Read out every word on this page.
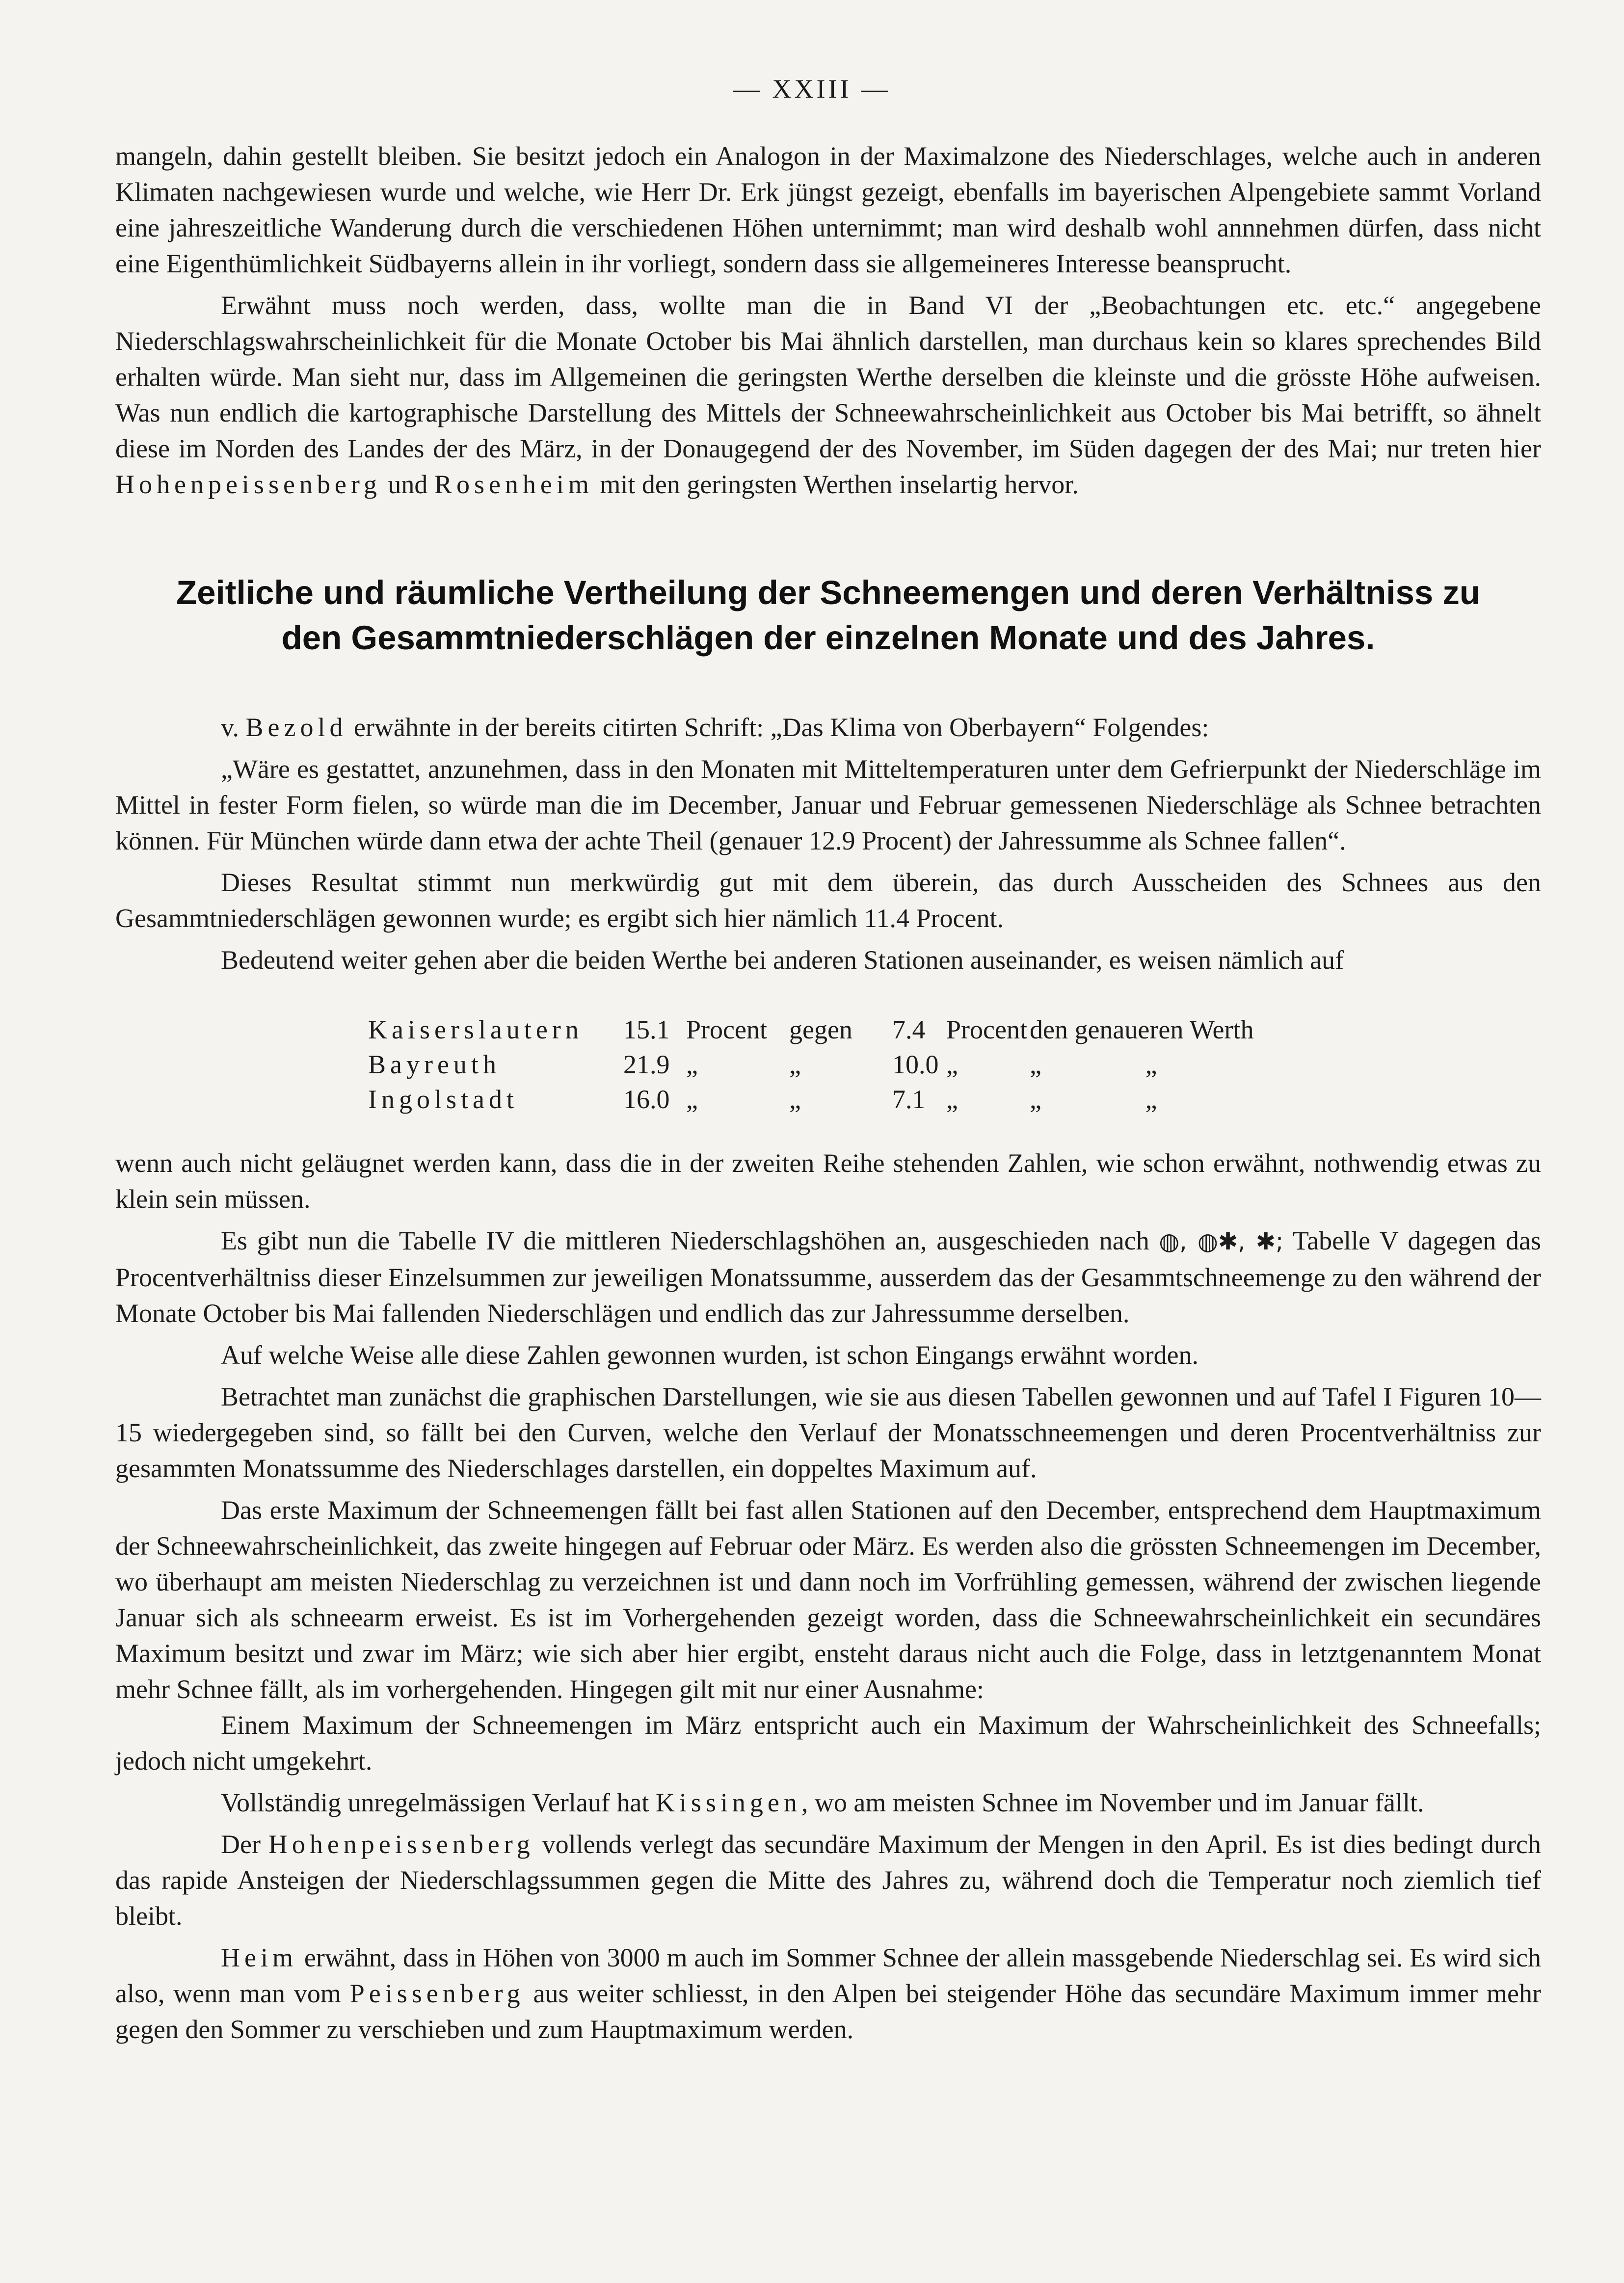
— XXIII —

mangeln, dahin gestellt bleiben. Sie besitzt jedoch ein Analogon in der Maximalzone des Niederschlages, welche auch in anderen Klimaten nachgewiesen wurde und welche, wie Herr Dr. Erk jüngst gezeigt, ebenfalls im bayerischen Alpengebiete sammt Vorland eine jahreszeitliche Wanderung durch die verschiedenen Höhen unternimmt; man wird deshalb wohl annnehmen dürfen, dass nicht eine Eigenthümlichkeit Südbayerns allein in ihr vorliegt, sondern dass sie allgemeineres Interesse beansprucht.

Erwähnt muss noch werden, dass, wollte man die in Band VI der „Beobachtungen etc. etc.“ angegebene Niederschlagswahrscheinlichkeit für die Monate October bis Mai ähnlich darstellen, man durchaus kein so klares sprechendes Bild erhalten würde. Man sieht nur, dass im Allgemeinen die geringsten Werthe derselben die kleinste und die grösste Höhe aufweisen. Was nun endlich die kartographische Darstellung des Mittels der Schneewahrscheinlichkeit aus October bis Mai betrifft, so ähnelt diese im Norden des Landes der des März, in der Donaugegend der des November, im Süden dagegen der des Mai; nur treten hier Hohenpeissenberg und Rosenheim mit den geringsten Werthen inselartig hervor.

Zeitliche und räumliche Vertheilung der Schneemengen und deren Verhältniss zu
den Gesammtniederschlägen der einzelnen Monate und des Jahres.

v. Bezold erwähnte in der bereits citirten Schrift: „Das Klima von Oberbayern“ Folgendes:

„Wäre es gestattet, anzunehmen, dass in den Monaten mit Mitteltemperaturen unter dem Gefrierpunkt der Niederschläge im Mittel in fester Form fielen, so würde man die im December, Januar und Februar gemessenen Niederschläge als Schnee betrachten können. Für München würde dann etwa der achte Theil (genauer 12.9 Procent) der Jahressumme als Schnee fallen“.

Dieses Resultat stimmt nun merkwürdig gut mit dem überein, das durch Ausscheiden des Schnees aus den Gesammtniederschlägen gewonnen wurde; es ergibt sich hier nämlich 11.4 Procent.

Bedeutend weiter gehen aber die beiden Werthe bei anderen Stationen auseinander, es weisen nämlich auf

Kaiserslautern	15.1	Procent	gegen	7.4	Procent	den genaueren Werth	
Bayreuth	21.9	„	„	10.0	„	„	„
Ingolstadt	16.0	„	„	7.1	„	„	„

wenn auch nicht geläugnet werden kann, dass die in der zweiten Reihe stehenden Zahlen, wie schon erwähnt, nothwendig etwas zu klein sein müssen.

Es gibt nun die Tabelle IV die mittleren Niederschlagshöhen an, ausgeschieden nach ◍, ◍✱, ✱; Tabelle V dagegen das Procentverhältniss dieser Einzelsummen zur jeweiligen Monatssumme, ausserdem das der Gesammtschneemenge zu den während der Monate October bis Mai fallenden Niederschlägen und endlich das zur Jahressumme derselben.

Auf welche Weise alle diese Zahlen gewonnen wurden, ist schon Eingangs erwähnt worden.

Betrachtet man zunächst die graphischen Darstellungen, wie sie aus diesen Tabellen gewonnen und auf Tafel I Figuren 10—15 wiedergegeben sind, so fällt bei den Curven, welche den Verlauf der Monatsschneemengen und deren Procentverhältniss zur gesammten Monatssumme des Niederschlages darstellen, ein doppeltes Maximum auf.

Das erste Maximum der Schneemengen fällt bei fast allen Stationen auf den December, entsprechend dem Hauptmaximum der Schneewahrscheinlichkeit, das zweite hingegen auf Februar oder März. Es werden also die grössten Schneemengen im December, wo überhaupt am meisten Niederschlag zu verzeichnen ist und dann noch im Vorfrühling gemessen, während der zwischen liegende Januar sich als schneearm erweist. Es ist im Vorhergehenden gezeigt worden, dass die Schneewahrscheinlichkeit ein secundäres Maximum besitzt und zwar im März; wie sich aber hier ergibt, ensteht daraus nicht auch die Folge, dass in letztgenanntem Monat mehr Schnee fällt, als im vorhergehenden. Hingegen gilt mit nur einer Ausnahme:

Einem Maximum der Schneemengen im März entspricht auch ein Maximum der Wahrscheinlichkeit des Schneefalls; jedoch nicht umgekehrt.

Vollständig unregelmässigen Verlauf hat Kissingen, wo am meisten Schnee im November und im Januar fällt.

Der Hohenpeissenberg vollends verlegt das secundäre Maximum der Mengen in den April. Es ist dies bedingt durch das rapide Ansteigen der Niederschlagssummen gegen die Mitte des Jahres zu, während doch die Temperatur noch ziemlich tief bleibt.

Heim erwähnt, dass in Höhen von 3000 m auch im Sommer Schnee der allein massgebende Niederschlag sei. Es wird sich also, wenn man vom Peissenberg aus weiter schliesst, in den Alpen bei steigender Höhe das secundäre Maximum immer mehr gegen den Sommer zu verschieben und zum Hauptmaximum werden.
